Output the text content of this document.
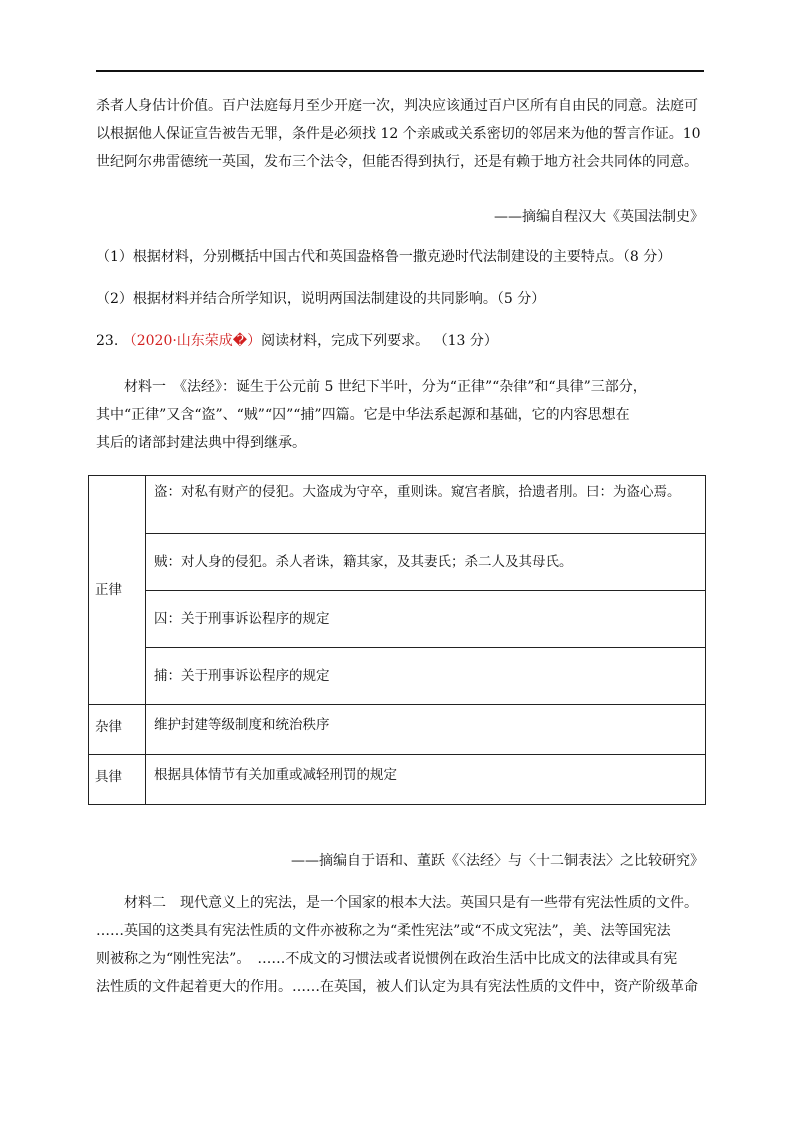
杀者人身估计价值。百户法庭每月至少开庭一次，判决应该通过百户区所有自由民的同意。法庭可
以根据他人保证宣告被告无罪，条件是必须找 12 个亲戚或关系密切的邻居来为他的誓言作证。10
世纪阿尔弗雷德统一英国，发布三个法令，但能否得到执行，还是有赖于地方社会共同体的同意。
——摘编自程汉大《英国法制史》
（1）根据材料，分别概括中国古代和英国盎格鲁一撒克逊时代法制建设的主要特点。（8 分）
（2）根据材料并结合所学知识，说明两国法制建设的共同影响。（5 分）
23. （2020·山东荣成�）阅读材料，完成下列要求。 （13 分）
材料一　《法经》：诞生于公元前 5 世纪下半叶，分为“正律”“杂律”和“具律”三部分，
其中“正律”又含“盗”、“贼”“囚”“捕”四篇。它是中华法系起源和基础，它的内容思想在
其后的诸部封建法典中得到继承。
正律	盗：对私有财产的侵犯。大盗成为守卒，重则诛。窥宫者膑，拾遗者刖。曰：为盗心焉。
	贼：对人身的侵犯。杀人者诛，籍其家，及其妻氏；杀二人及其母氏。
	囚：关于刑事诉讼程序的规定
	捕：关于刑事诉讼程序的规定
杂律	维护封建等级制度和统治秩序
具律	根据具体情节有关加重或减轻刑罚的规定
——摘编自于语和、董跃《〈法经〉与〈十二铜表法〉之比较研究》
材料二　现代意义上的宪法，是一个国家的根本大法。英国只是有一些带有宪法性质的文件。
……英国的这类具有宪法性质的文件亦被称之为“柔性宪法”或“不成文宪法”，美、法等国宪法
则被称之为“刚性宪法”。　……不成文的习惯法或者说惯例在政治生活中比成文的法律或具有宪
法性质的文件起着更大的作用。……在英国，被人们认定为具有宪法性质的文件中，资产阶级革命
